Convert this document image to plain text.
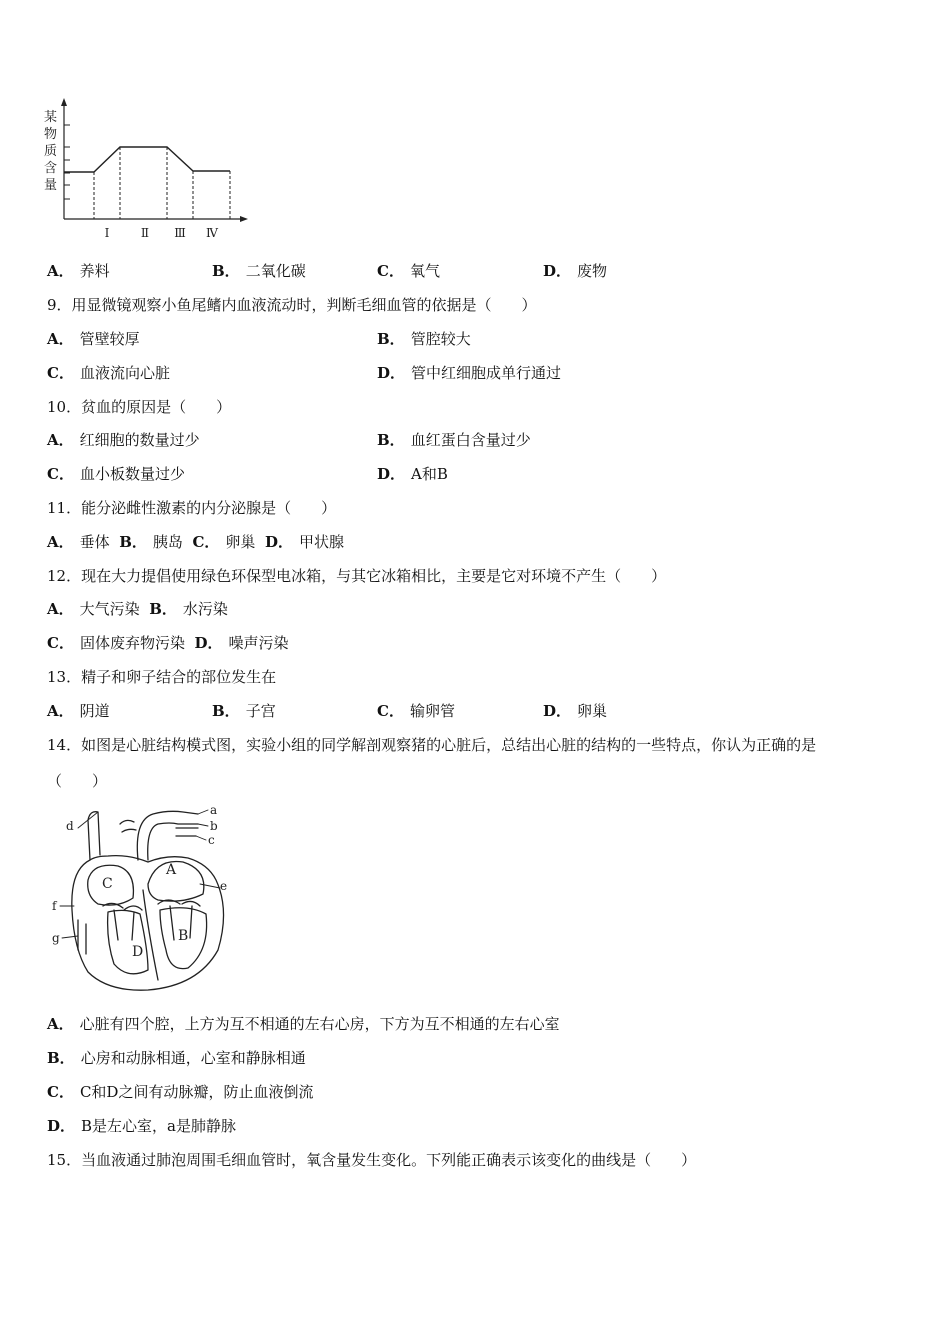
某
物
质
含
量
Ⅰ	Ⅱ Ⅲ Ⅳ
A． 养料	B． 二氧化碳	C． 氧气	D． 废物
9．用显微镜观察小鱼尾鳍内血液流动时，判断毛细血管的依据是（　　）
A． 管壁较厚	B． 管腔较大
C． 血液流向心脏	D． 管中红细胞成单行通过
10．贫血的原因是（　　）
A． 红细胞的数量过少	B． 血红蛋白含量过少
C． 血小板数量过少	D． A和B
11．能分泌雌性激素的内分泌腺是（　　）
A． 垂体 B． 胰岛 C． 卵巢 D． 甲状腺
12．现在大力提倡使用绿色环保型电冰箱，与其它冰箱相比，主要是它对环境不产生（　　）
A． 大气污染 B． 水污染
C． 固体废弃物污染 D． 噪声污染
13．精子和卵子结合的部位发生在
A． 阴道	B． 子宫	C． 输卵管	D． 卵巢
14．如图是心脏结构模式图，实验小组的同学解剖观察猪的心脏后，总结出心脏的结构的一些特点，你认为正确的是
（　　）
a
b
c
d
e
f
g
A
B
C
D
A． 心脏有四个腔，上方为互不相通的左右心房，下方为互不相通的左右心室
B． 心房和动脉相通，心室和静脉相通
C． C和D之间有动脉瓣，防止血液倒流
D． B是左心室，a是肺静脉
15．当血液通过肺泡周围毛细血管时，氧含量发生变化。下列能正确表示该变化的曲线是（　　）
